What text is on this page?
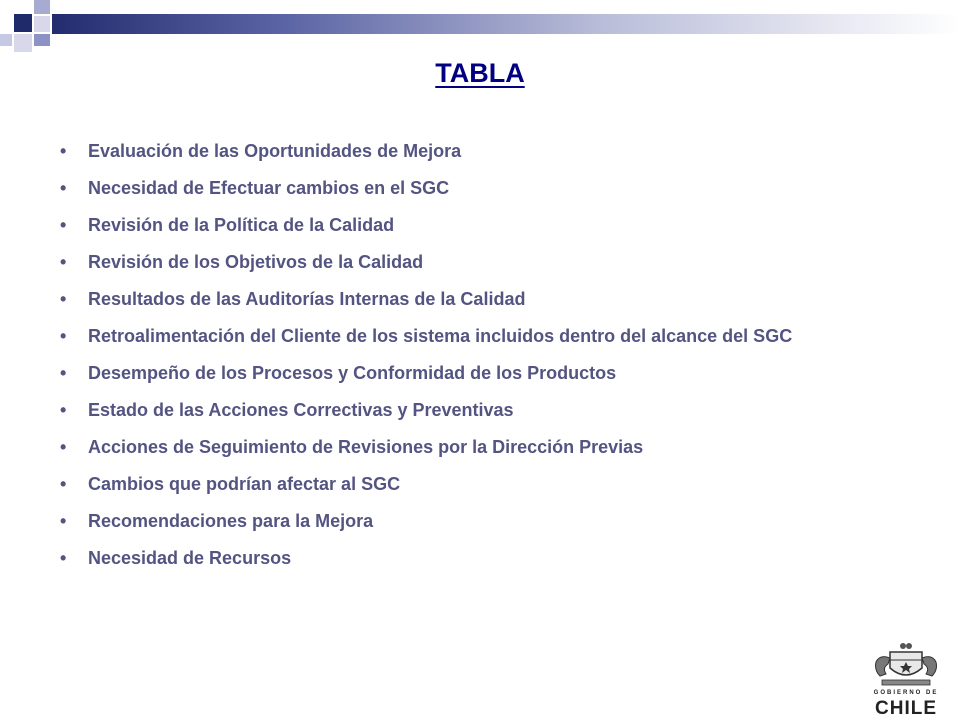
TABLA
• Evaluación de las Oportunidades de Mejora
• Necesidad de Efectuar cambios en el SGC
• Revisión de la Política de la Calidad
• Revisión de los Objetivos de la Calidad
• Resultados de las Auditorías Internas de la Calidad
• Retroalimentación del Cliente de los sistema incluidos dentro del alcance del SGC
• Desempeño de los Procesos y Conformidad de los Productos
• Estado de las Acciones Correctivas y Preventivas
• Acciones de Seguimiento de Revisiones por la Dirección Previas
• Cambios que podrían afectar al SGC
• Recomendaciones para la Mejora
• Necesidad de Recursos
GOBIERNO DE
CHILE
